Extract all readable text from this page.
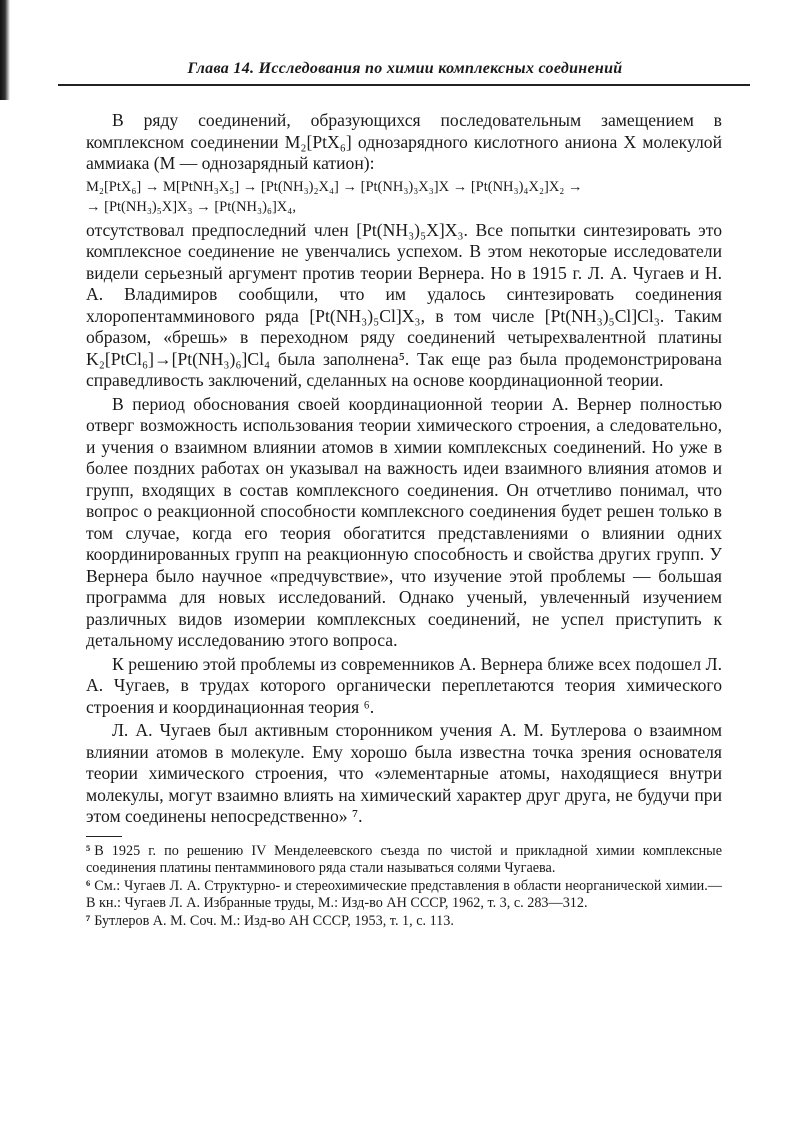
Глава 14. Исследования по химии комплексных соединений

В ряду соединений, образующихся последовательным замещением в комплексном соединении M₂[PtX₆] однозарядного кислотного аниона X молекулой аммиака (M — однозарядный катион):

M₂[PtX₆] → M[PtNH₃X₅] → [Pt(NH₃)₂X₄] → [Pt(NH₃)₃X₃]X → [Pt(NH₃)₄X₂]X₂ →
→ [Pt(NH₃)₅X]X₃ → [Pt(NH₃)₆]X₄,

отсутствовал предпоследний член [Pt(NH₃)₅X]X₃. Все попытки синтезировать это комплексное соединение не увенчались успехом. В этом некоторые исследователи видели серьезный аргумент против теории Вернера. Но в 1915 г. Л. А. Чугаев и Н. А. Владимиров сообщили, что им удалось синтезировать соединения хлоропентамминового ряда [Pt(NH₃)₅Cl]X₃, в том числе [Pt(NH₃)₅Cl]Cl₃. Таким образом, «брешь» в переходном ряду соединений четырехвалентной платины K₂[PtCl₆]→[Pt(NH₃)₆]Cl₄ была заполнена⁵. Так еще раз была продемонстрирована справедливость заключений, сделанных на основе координационной теории.

В период обоснования своей координационной теории А. Вернер полностью отверг возможность использования теории химического строения, а следовательно, и учения о взаимном влиянии атомов в химии комплексных соединений. Но уже в более поздних работах он указывал на важность идеи взаимного влияния атомов и групп, входящих в состав комплексного соединения. Он отчетливо понимал, что вопрос о реакционной способности комплексного соединения будет решен только в том случае, когда его теория обогатится представлениями о влиянии одних координированных групп на реакционную способность и свойства других групп. У Вернера было научное «предчувствие», что изучение этой проблемы — большая программа для новых исследований. Однако ученый, увлеченный изучением различных видов изомерии комплексных соединений, не успел приступить к детальному исследованию этого вопроса.

К решению этой проблемы из современников А. Вернера ближе всех подошел Л. А. Чугаев, в трудах которого органически переплетаются теория химического строения и координационная теория ⁶.

Л. А. Чугаев был активным сторонником учения А. М. Бутлерова о взаимном влиянии атомов в молекуле. Ему хорошо была известна точка зрения основателя теории химического строения, что «элементарные атомы, находящиеся внутри молекулы, могут взаимно влиять на химический характер друг друга, не будучи при этом соединены непосредственно» ⁷.

⁵ В 1925 г. по решению IV Менделеевского съезда по чистой и прикладной химии комплексные соединения платины пентамминового ряда стали называться солями Чугаева.
⁶ См.: Чугаев Л. А. Структурно- и стереохимические представления в области неорганической химии.— В кн.: Чугаев Л. А. Избранные труды, М.: Изд-во АН СССР, 1962, т. 3, с. 283—312.
⁷ Бутлеров А. М. Соч. М.: Изд-во АН СССР, 1953, т. 1, с. 113.
